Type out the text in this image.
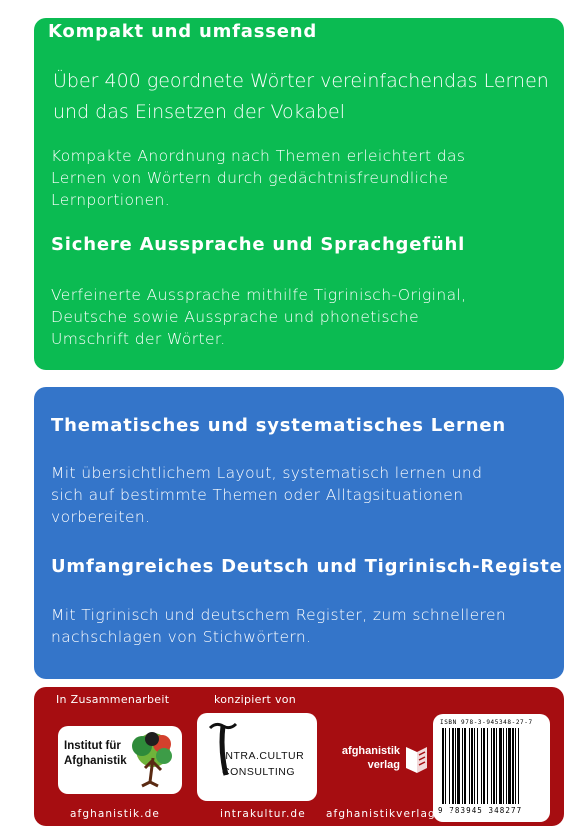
Kompakt und umfassend
Über 400 geordnete Wörter vereinfachendas Lernen
und das Einsetzen der Vokabel
Kompakte Anordnung nach Themen erleichtert das
Lernen von Wörtern durch gedächtnisfreundliche
Lernportionen.
Sichere Aussprache und Sprachgefühl
Verfeinerte Aussprache mithilfe Tigrinisch-Original,
Deutsche sowie Aussprache und phonetische
Umschrift der Wörter.
Thematisches und systematisches Lernen
Mit übersichtlichem Layout, systematisch lernen und
sich auf bestimmte Themen oder Alltagsituationen
vorbereiten.
Umfangreiches Deutsch und Tigrinisch-Register
Mit Tigrinisch und deutschem Register, zum schnelleren
nachschlagen von Stichwörtern.
In Zusammenarbeit	konzipiert von
Institut für
Afghanistik	INTRA.CULTUR
CONSULTING
afghanistik
verlag
ISBN 978-3-945348-27-7
9 783945 348277
afghanistik.de	intrakultur.de afghanistikverlag.de
